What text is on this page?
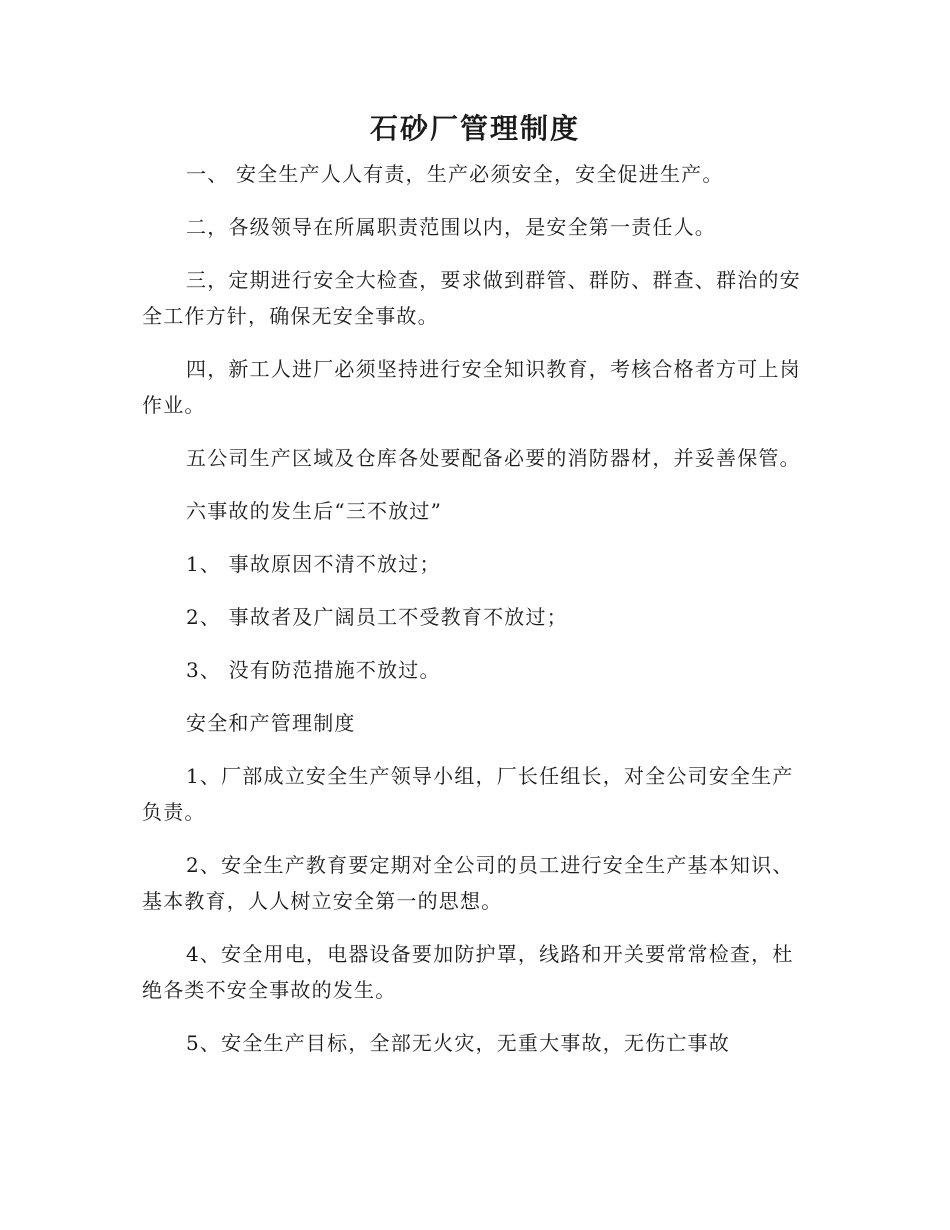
石砂厂管理制度

一、 安全生产人人有责，生产必须安全，安全促进生产。

二，各级领导在所属职责范围以内，是安全第一责任人。

三，定期进行安全大检查，要求做到群管、群防、群查、群治的安全工作方针，确保无安全事故。

四，新工人进厂必须坚持进行安全知识教育，考核合格者方可上岗作业。

五公司生产区域及仓库各处要配备必要的消防器材，并妥善保管。

六事故的发生后“三不放过”

1、 事故原因不清不放过；

2、 事故者及广阔员工不受教育不放过；

3、 没有防范措施不放过。

安全和产管理制度

1、厂部成立安全生产领导小组，厂长任组长，对全公司安全生产负责。

2、安全生产教育要定期对全公司的员工进行安全生产基本知识、基本教育，人人树立安全第一的思想。

4、安全用电，电器设备要加防护罩，线路和开关要常常检查，杜绝各类不安全事故的发生。

5、安全生产目标，全部无火灾，无重大事故，无伤亡事故
